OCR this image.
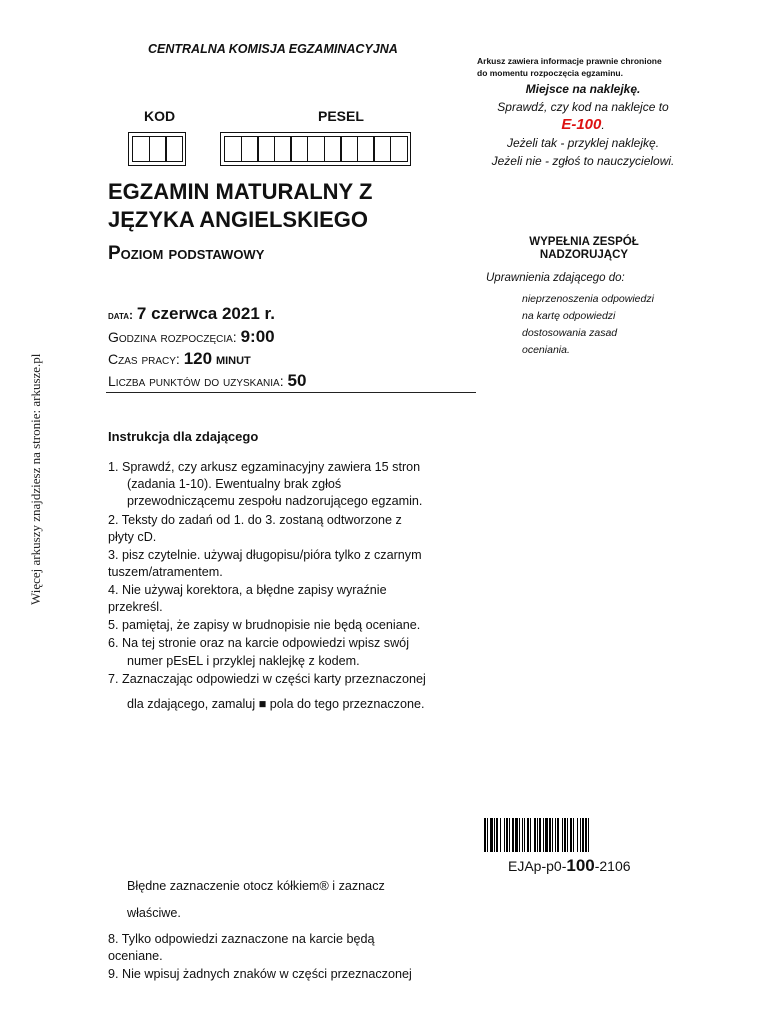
Więcej arkuszy znajdziesz na stronie: arkusze.pl
CENTRALNA KOMISJA EGZAMINACYJNA
KOD	PESEL
Arkusz zawiera informacje prawnie chronione
do momentu rozpoczęcia egzaminu.
Miejsce na naklejkę.
Sprawdź, czy kod na naklejce to
E-100.
Jeżeli tak - przyklej naklejkę.
Jeżeli nie - zgłoś to nauczycielowi.
EGZAMIN MATURALNY Z
JĘZYKA ANGIELSKIEGO
Poziom podstawowy
data: 7 czerwca 2021 r.
Godzina rozpoczęcia: 9:00
Czas pracy: 120 minut
Liczba punktów do uzyskania: 50
WYPEŁNIA ZESPÓŁ
NADZORUJĄCY
Uprawnienia zdającego do:
nieprzenoszenia odpowiedzi
na kartę odpowiedzi
dostosowania zasad
oceniania.
Instrukcja dla zdającego
1. Sprawdź, czy arkusz egzaminacyjny zawiera 15 stron
(zadania 1-10). Ewentualny brak zgłoś
przewodniczącemu zespołu nadzorującego egzamin.
2. Teksty do zadań od 1. do 3. zostaną odtworzone z
płyty cD.
3. pisz czytelnie. używaj długopisu/pióra tylko z czarnym
tuszem/atramentem.
4. Nie używaj korektora, a błędne zapisy wyraźnie
przekreśl.
5. pamiętaj, że zapisy w brudnopisie nie będą oceniane.
6. Na tej stronie oraz na karcie odpowiedzi wpisz swój
numer pEsEL i przyklej naklejkę z kodem.
7. Zaznaczając odpowiedzi w części karty przeznaczonej
dla zdającego, zamaluj ■ pola do tego przeznaczone.
Błędne zaznaczenie otocz kółkiem® i zaznacz
właściwe.
8. Tylko odpowiedzi zaznaczone na karcie będą
oceniane.
9. Nie wpisuj żadnych znaków w części przeznaczonej
EJAp-p0-100-2106
